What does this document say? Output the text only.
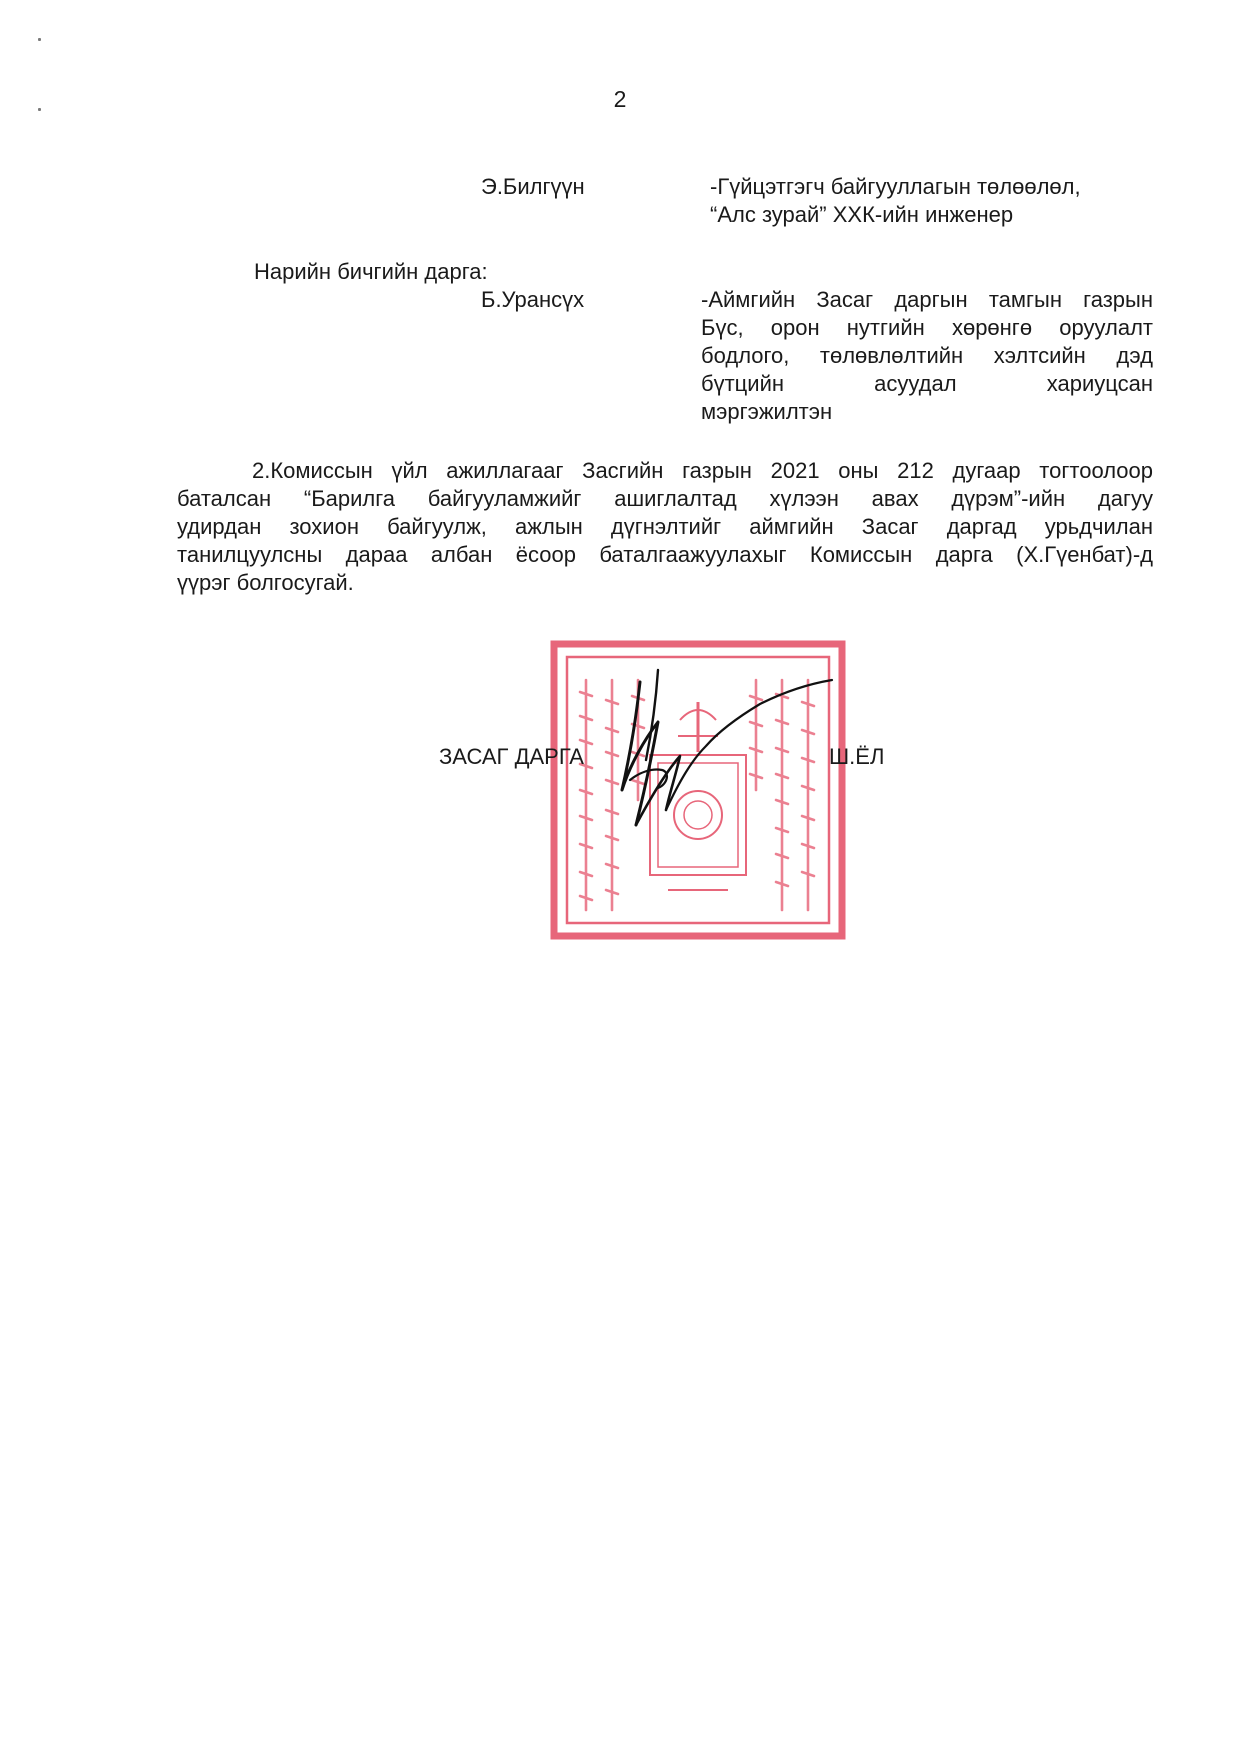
2
Э.Билгүүн	-Гүйцэтгэгч байгууллагын төлөөлөл,
“Алс зурай” ХХК-ийн инженер
Нарийн бичгийн дарга:
Б.Урансүх	-Аймгийн Засаг даргын тамгын газрын
Бүс, орон нутгийн хөрөнгө оруулалт
бодлого, төлөвлөлтийн хэлтсийн дэд
бүтцийн асуудал хариуцсан
мэргэжилтэн
2.Комиссын үйл ажиллагааг Засгийн газрын 2021 оны 212 дугаар тогтоолоор
баталсан “Барилга байгууламжийг ашиглалтад хүлээн авах дүрэм”-ийн дагуу
удирдан зохион байгуулж, ажлын дүгнэлтийг аймгийн Засаг даргад урьдчилан
танилцуулсны дараа албан ёсоор баталгаажуулахыг Комиссын дарга (Х.Гүенбат)-д
үүрэг болгосугай.
ЗАСАГ ДАРГА	Ш.ЁЛ
